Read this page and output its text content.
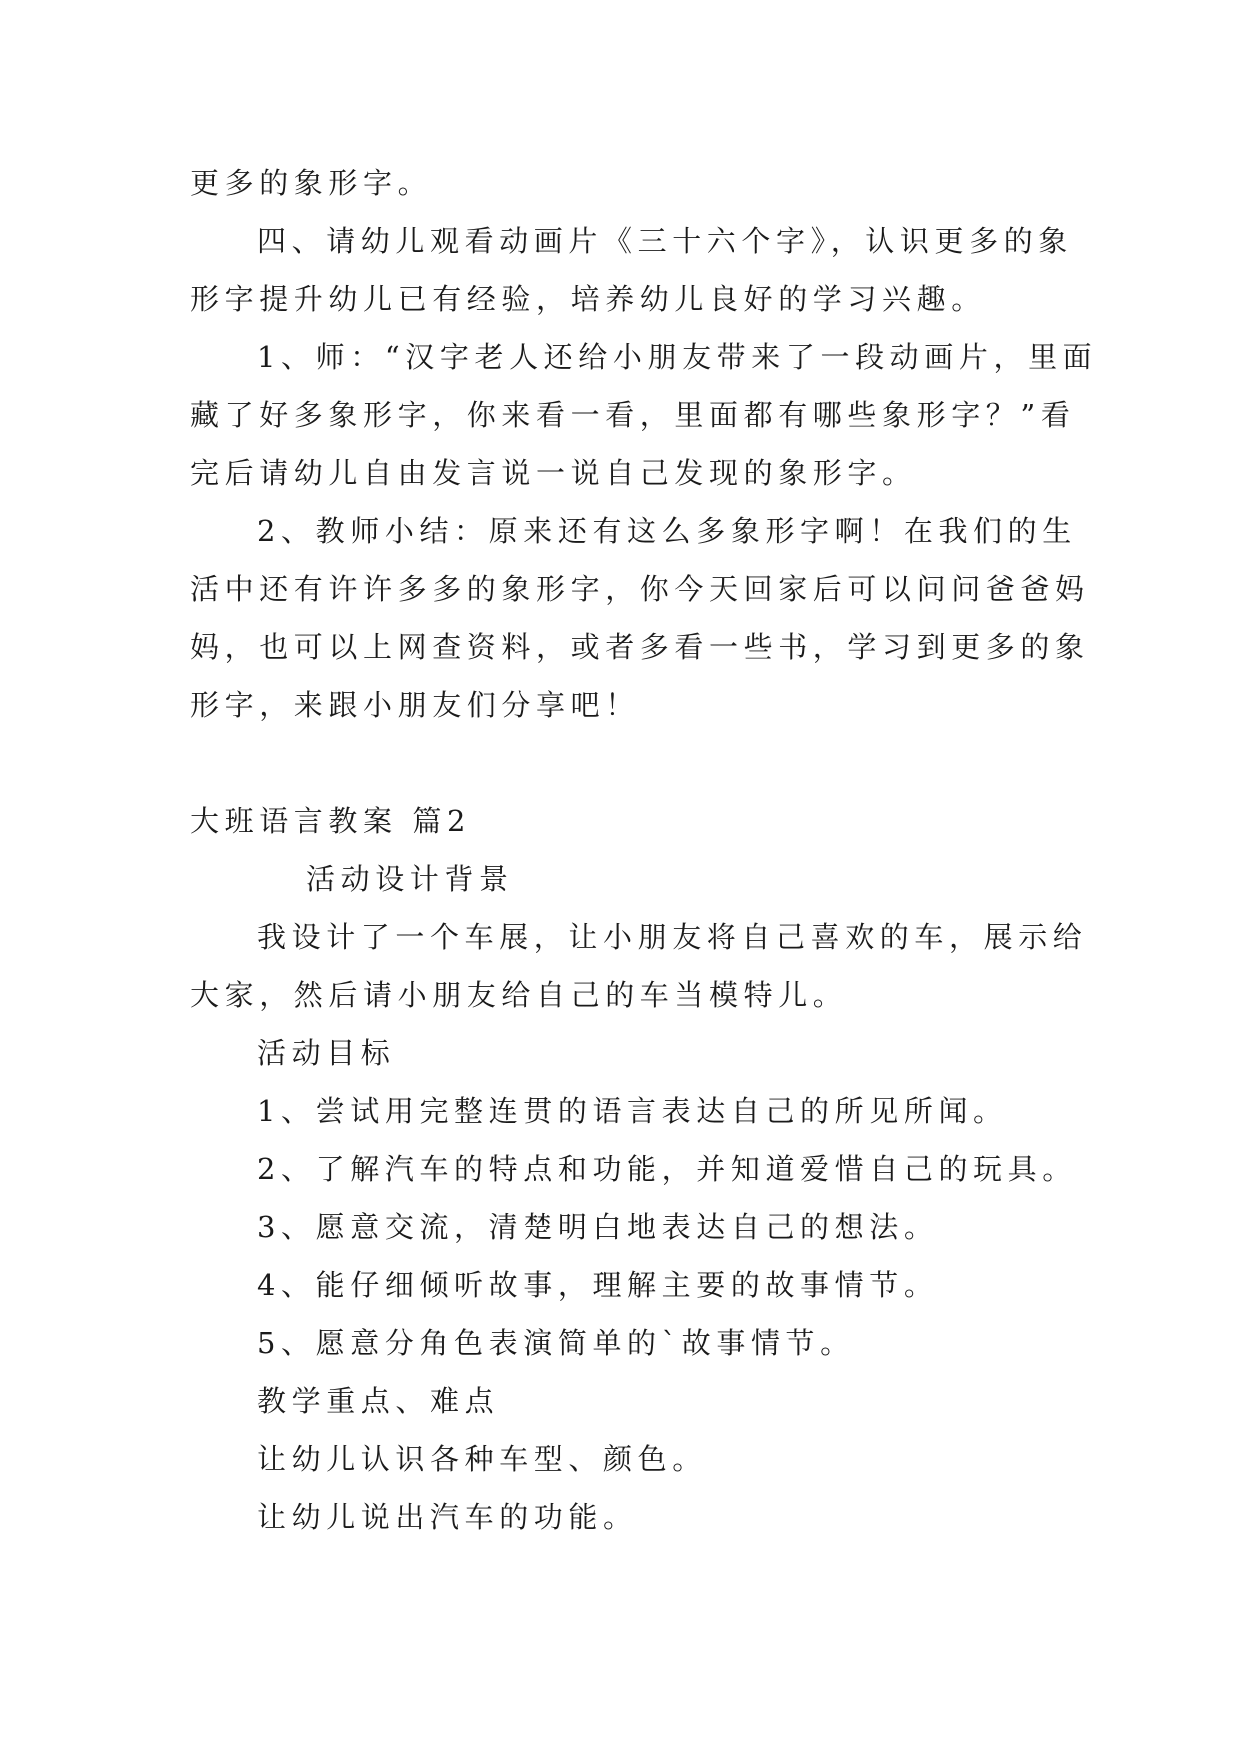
更多的象形字。
四、请幼儿观看动画片《三十六个字》，认识更多的象
形字提升幼儿已有经验，培养幼儿良好的学习兴趣。
1、师：“汉字老人还给小朋友带来了一段动画片，里面
藏了好多象形字，你来看一看，里面都有哪些象形字？”看
完后请幼儿自由发言说一说自己发现的象形字。
2、教师小结：原来还有这么多象形字啊！在我们的生
活中还有许许多多的象形字，你今天回家后可以问问爸爸妈
妈，也可以上网查资料，或者多看一些书，学习到更多的象
形字，来跟小朋友们分享吧！
大班语言教案 篇2
活动设计背景
我设计了一个车展，让小朋友将自己喜欢的车，展示给
大家，然后请小朋友给自己的车当模特儿。
活动目标
1、尝试用完整连贯的语言表达自己的所见所闻。
2、了解汽车的特点和功能，并知道爱惜自己的玩具。
3、愿意交流，清楚明白地表达自己的想法。
4、能仔细倾听故事，理解主要的故事情节。
5、愿意分角色表演简单的`故事情节。
教学重点、难点
让幼儿认识各种车型、颜色。
让幼儿说出汽车的功能。
